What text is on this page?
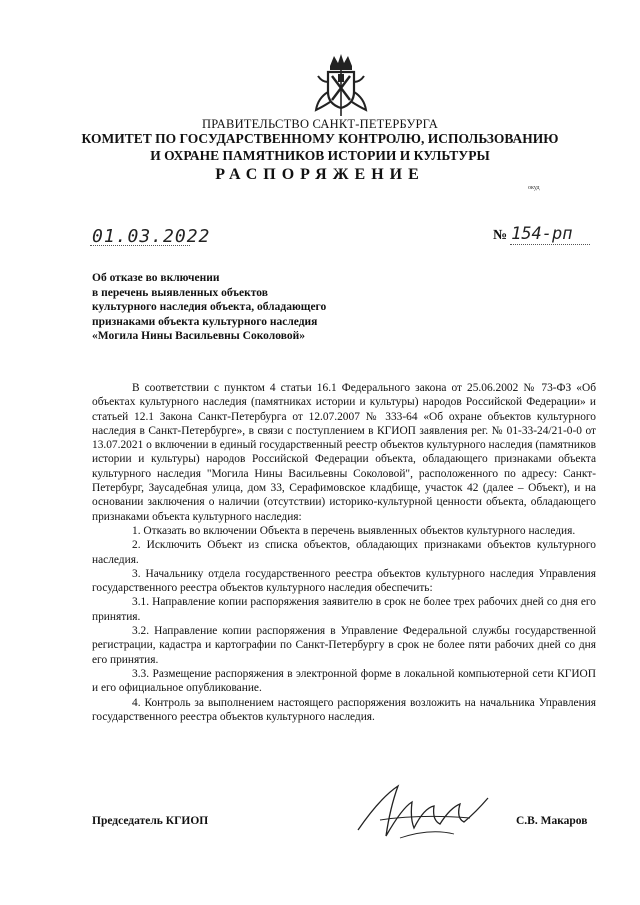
ПРАВИТЕЛЬСТВО САНКТ-ПЕТЕРБУРГА
КОМИТЕТ ПО ГОСУДАРСТВЕННОМУ КОНТРОЛЮ, ИСПОЛЬЗОВАНИЮ
И ОХРАНЕ ПАМЯТНИКОВ ИСТОРИИ И КУЛЬТУРЫ
РАСПОРЯЖЕНИЕ
окуд
01.03.2022	№ 154-рп
Об отказе во включении
в перечень выявленных объектов
культурного наследия объекта, обладающего
признаками объекта культурного наследия
«Могила Нины Васильевны Соколовой»

В соответствии с пунктом 4 статьи 16.1 Федерального закона от 25.06.2002 № 73-ФЗ «Об объектах культурного наследия (памятниках истории и культуры) народов Российской Федерации» и статьей 12.1 Закона Санкт-Петербурга от 12.07.2007 № 333-64 «Об охране объектов культурного наследия в Санкт-Петербурге», в связи с поступлением в КГИОП заявления рег. № 01-33-24/21-0-0 от 13.07.2021 о включении в единый государственный реестр объектов культурного наследия (памятников истории и культуры) народов Российской Федерации объекта, обладающего признаками объекта культурного наследия "Могила Нины Васильевны Соколовой", расположенного по адресу: Санкт-Петербург, Заусадебная улица, дом 33, Серафимовское кладбище, участок 42 (далее – Объект), и на основании заключения о наличии (отсутствии) историко-культурной ценности объекта, обладающего признаками объекта культурного наследия:

1. Отказать во включении Объекта в перечень выявленных объектов культурного наследия.

2. Исключить Объект из списка объектов, обладающих признаками объектов культурного наследия.

3. Начальнику отдела государственного реестра объектов культурного наследия Управления государственного реестра объектов культурного наследия обеспечить:

3.1. Направление копии распоряжения заявителю в срок не более трех рабочих дней со дня его принятия.

3.2. Направление копии распоряжения в Управление Федеральной службы государственной регистрации, кадастра и картографии по Санкт-Петербургу в срок не более пяти рабочих дней со дня его принятия.

3.3. Размещение распоряжения в электронной форме в локальной компьютерной сети КГИОП и его официальное опубликование.

4. Контроль за выполнением настоящего распоряжения возложить на начальника Управления государственного реестра объектов культурного наследия.

Председатель КГИОП	С.В. Макаров
